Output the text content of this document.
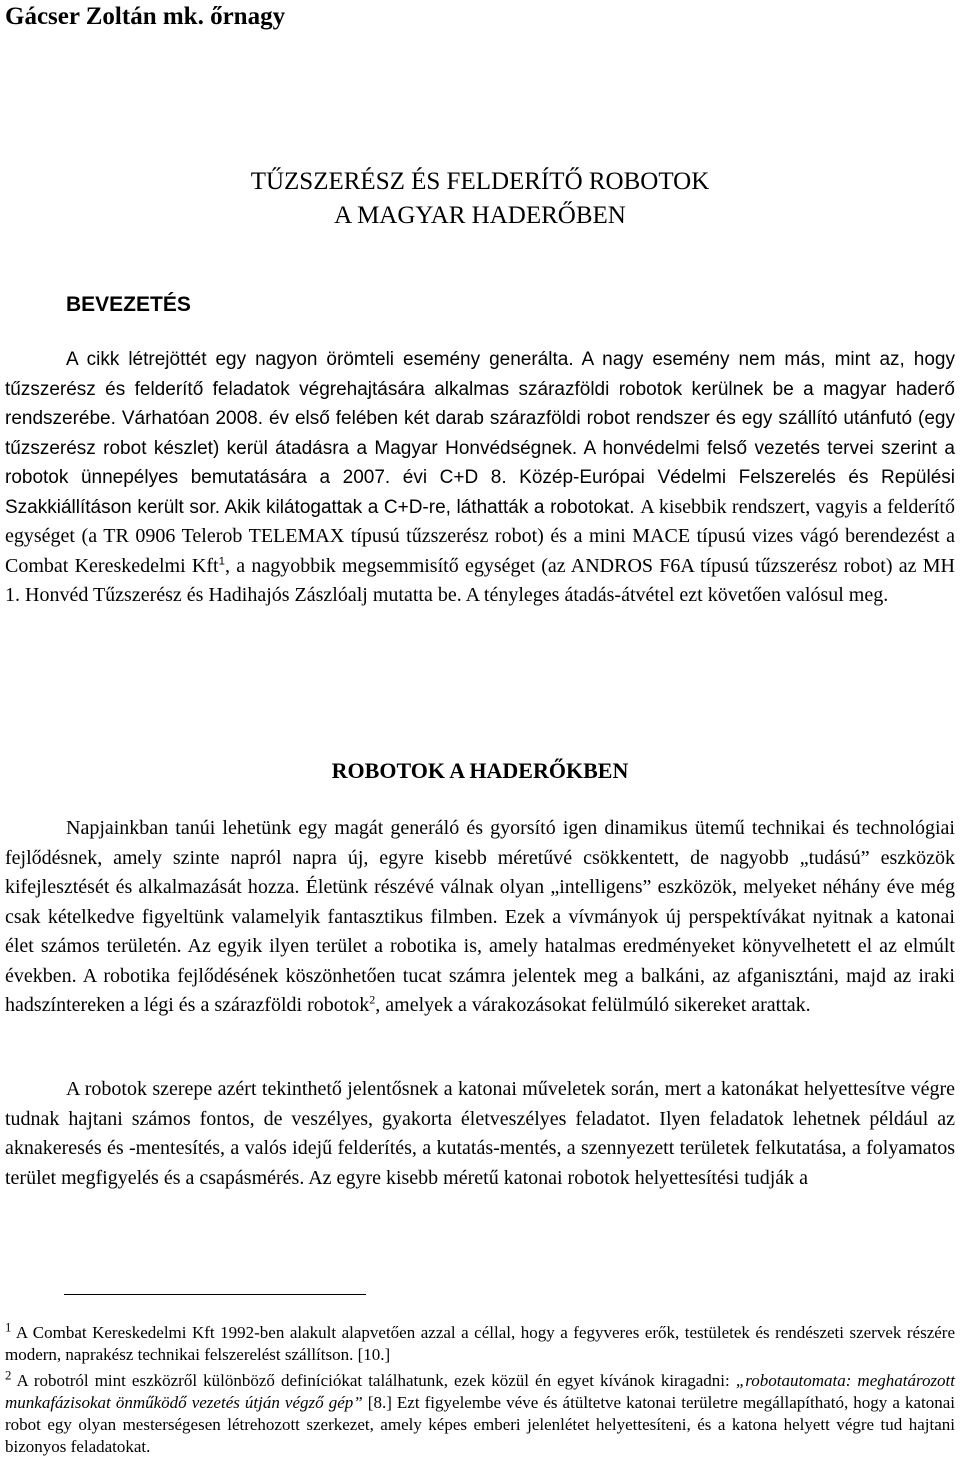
Gácser Zoltán mk. őrnagy
TŰZSZERÉSZ ÉS FELDERÍTŐ ROBOTOK
A MAGYAR HADERŐBEN
BEVEZETÉS

A cikk létrejöttét egy nagyon örömteli esemény generálta. A nagy esemény nem más, mint az, hogy tűzszerész és felderítő feladatok végrehajtására alkalmas szárazföldi robotok kerülnek be a magyar haderő rendszerébe. Várhatóan 2008. év első felében két darab szárazföldi robot rendszer és egy szállító utánfutó (egy tűzszerész robot készlet) kerül átadásra a Magyar Honvédségnek. A honvédelmi felső vezetés tervei szerint a robotok ünnepélyes bemutatására a 2007. évi C+D 8. Közép-Európai Védelmi Felszerelés és Repülési Szakkiállításon került sor. Akik kilátogattak a C+D-re, láthatták a robotokat. A kisebbik rendszert, vagyis a felderítő egységet (a TR 0906 Telerob TELEMAX típusú tűzszerész robot) és a mini MACE típusú vizes vágó berendezést a Combat Kereskedelmi Kft$^1$, a nagyobbik megsemmisítő egységet (az ANDROS F6A típusú tűzszerész robot) az MH 1. Honvéd Tűzszerész és Hadihajós Zászlóalj mutatta be. A tényleges átadás-átvétel ezt követően valósul meg.

ROBOTOK A HADERŐKBEN

Napjainkban tanúi lehetünk egy magát generáló és gyorsító igen dinamikus ütemű technikai és technológiai fejlődésnek, amely szinte napról napra új, egyre kisebb méretűvé csökkentett, de nagyobb „tudású” eszközök kifejlesztését és alkalmazását hozza. Életünk részévé válnak olyan „intelligens” eszközök, melyeket néhány éve még csak kételkedve figyeltünk valamelyik fantasztikus filmben. Ezek a vívmányok új perspektívákat nyitnak a katonai élet számos területén. Az egyik ilyen terület a robotika is, amely hatalmas eredményeket könyvelhetett el az elmúlt években. A robotika fejlődésének köszönhetően tucat számra jelentek meg a balkáni, az afganisztáni, majd az iraki hadszíntereken a légi és a szárazföldi robotok$^2$, amelyek a várakozásokat felülmúló sikereket arattak.

A robotok szerepe azért tekinthető jelentősnek a katonai műveletek során, mert a katonákat helyettesítve végre tudnak hajtani számos fontos, de veszélyes, gyakorta életveszélyes feladatot. Ilyen feladatok lehetnek például az aknakeresés és -mentesítés, a valós idejű felderítés, a kutatás-mentés, a szennyezett területek felkutatása, a folyamatos terület megfigyelés és a csapásmérés. Az egyre kisebb méretű katonai robotok helyettesítési tudják a

$^1$ A Combat Kereskedelmi Kft 1992-ben alakult alapvetően azzal a céllal, hogy a fegyveres erők, testületek és rendészeti szervek részére modern, naprakész technikai felszerelést szállítson. [10.]

$^2$ A robotról mint eszközről különböző definíciókat találhatunk, ezek közül én egyet kívánok kiragadni: „robotautomata: meghatározott munkafázisokat önműködő vezetés útján végző gép” [8.] Ezt figyelembe véve és átültetve katonai területre megállapítható, hogy a katonai robot egy olyan mesterségesen létrehozott szerkezet, amely képes emberi jelenlétet helyettesíteni, és a katona helyett végre tud hajtani bizonyos feladatokat.
